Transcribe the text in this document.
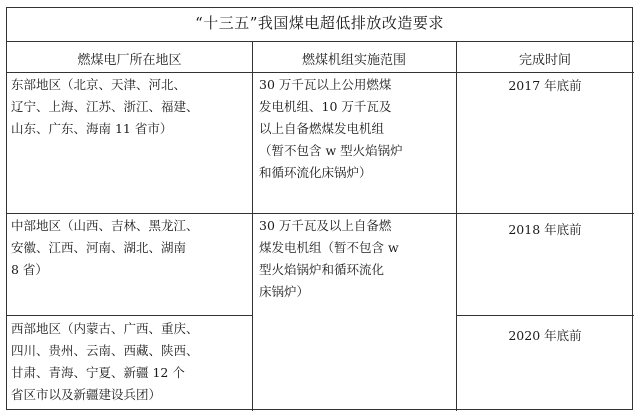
“十三五”我国煤电超低排放改造要求
燃煤电厂所在地区	燃煤机组实施范围	完成时间
东部地区（北京、天津、河北、
辽宁、上海、江苏、浙江、福建、
山东、广东、海南 11 省市）
30 万千瓦以上公用燃煤
发电机组、10 万千瓦及
以上自备燃煤发电机组
（暂不包含 w 型火焰锅炉
和循环流化床锅炉）
2017 年底前
中部地区（山西、吉林、黑龙江、
安徽、江西、河南、湖北、湖南
8 省）
30 万千瓦及以上自备燃
煤发电机组（暂不包含 w
型火焰锅炉和循环流化
床锅炉）
2018 年底前
西部地区（内蒙古、广西、重庆、
四川、贵州、云南、西藏、陕西、
甘肃、青海、宁夏、新疆 12 个
省区市以及新疆建设兵团）
2020 年底前
